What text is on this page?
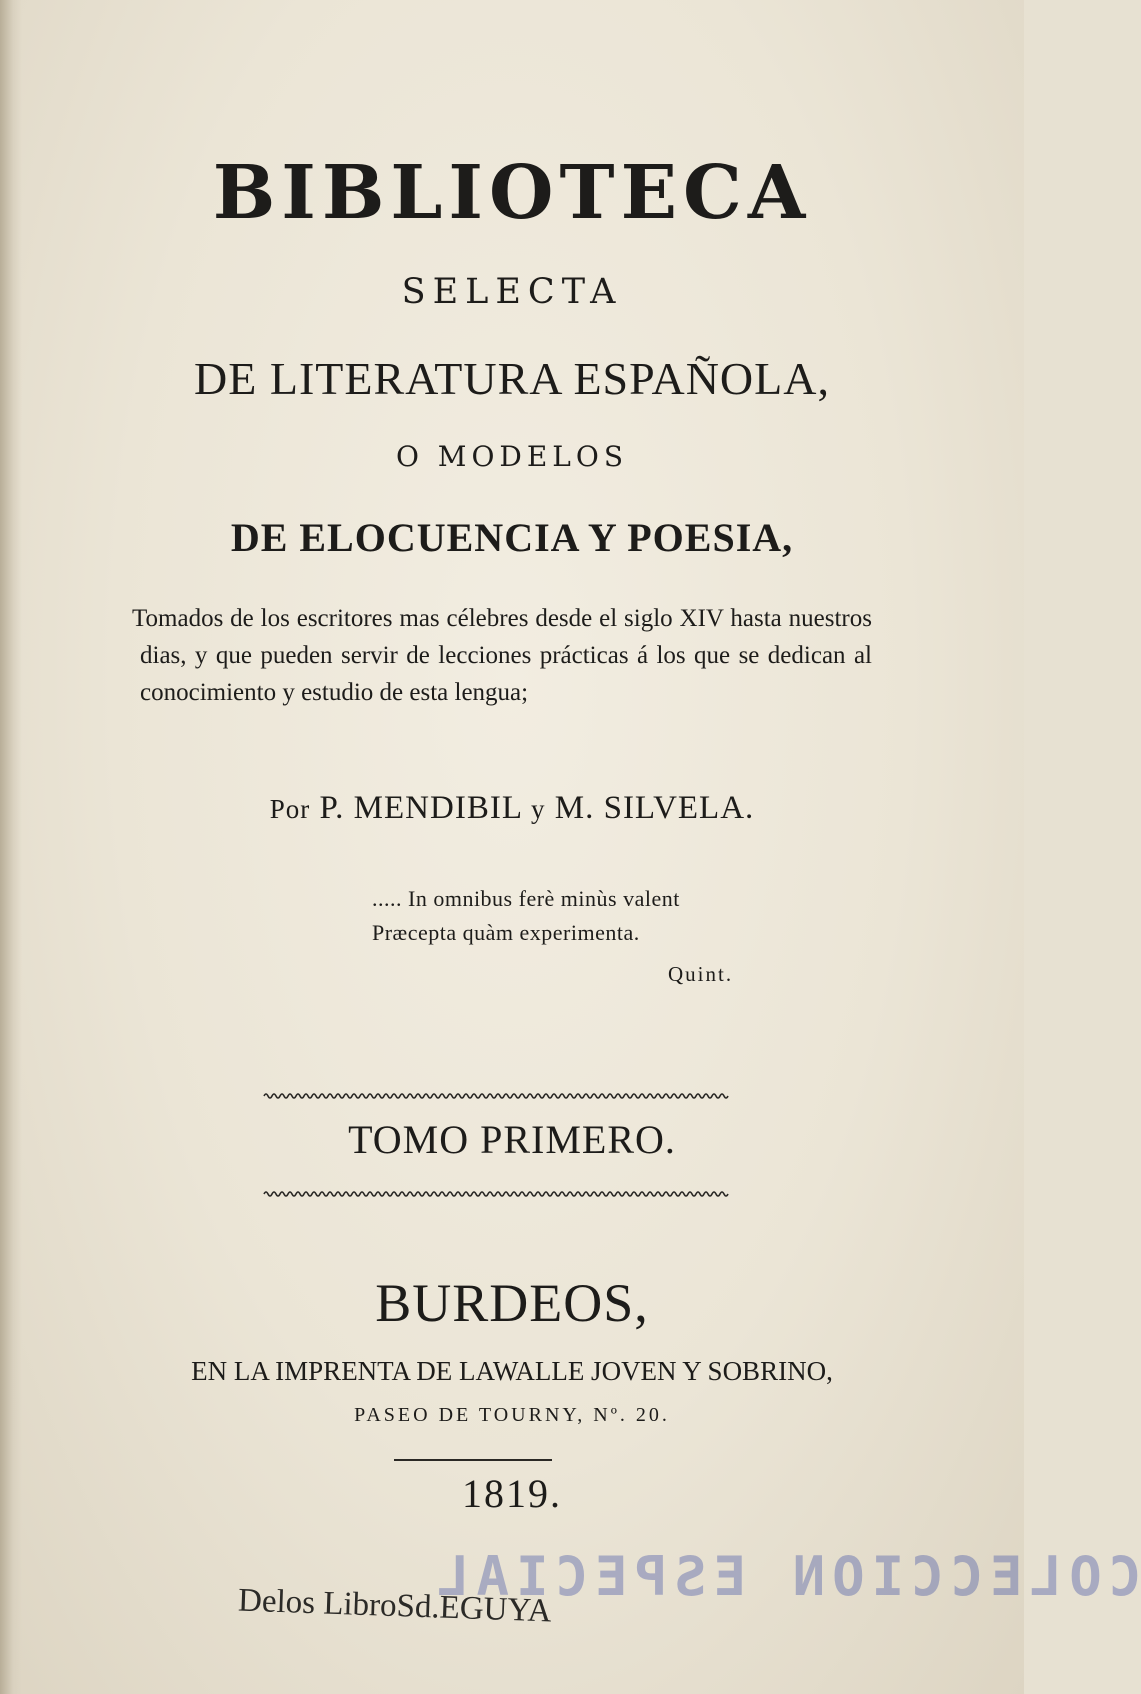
BIBLIOTECA
SELECTA
DE LITERATURA ESPAÑOLA,
O MODELOS
DE ELOCUENCIA Y POESIA,
Tomados de los escritores mas célebres desde el siglo XIV hasta nuestros dias, y que pueden servir de lecciones prácticas á los que se dedican al conocimiento y estudio de esta lengua;
Por P. MENDIBIL y M. SILVELA.
..... In omnibus ferè minùs valent
Præcepta quàm experimenta.
Quint.
TOMO PRIMERO.
BURDEOS,
EN LA IMPRENTA DE LAWALLE JOVEN Y SOBRINO,
PASEO DE TOURNY, Nº. 20.
1819.
COLECCION ESPECIAL
Delos LibroSd.EGUYA
